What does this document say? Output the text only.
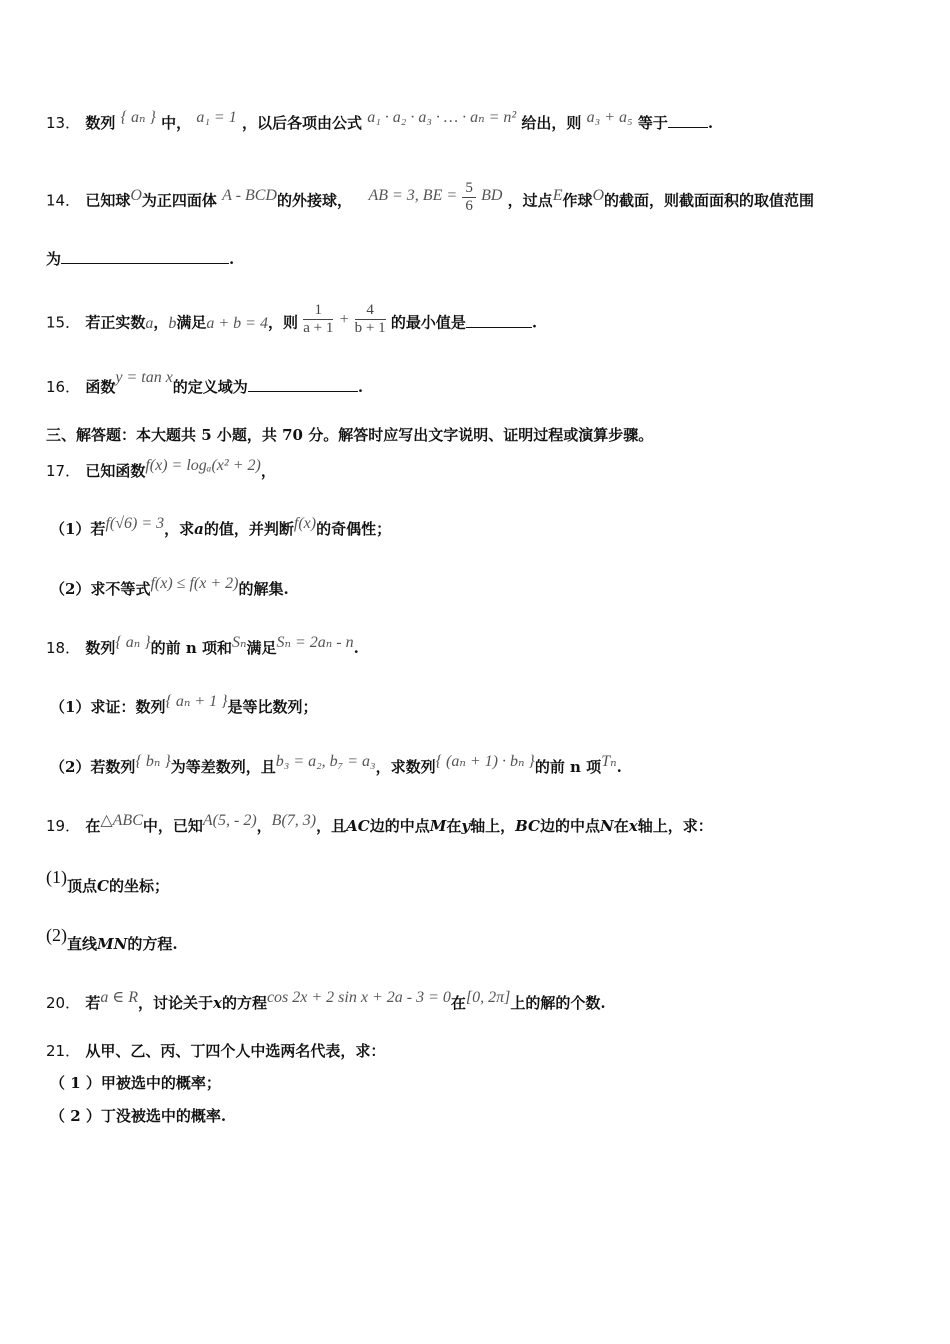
13． 数列 { aₙ } 中， a₁ = 1 ，以后各项由公式 a₁ · a₂ · a₃ · … · aₙ = n² 给出，则 a₃ + a₅ 等于	.
14． 已知球O为正四面体 A - BCD的外接球， AB = 3, BE = $\frac{5}{6}$ BD ，过点E作球O的截面，则截面面积的取值范围
为	.
15． 若正实数a，b满足a + b = 4，则 $\frac{1}{a + 1} + \frac{4}{b + 1}$ 的最小值是	.
16． 函数y = tan x的定义域为	.
三、解答题：本大题共 5 小题，共 70 分。解答时应写出文字说明、证明过程或演算步骤。
17． 已知函数f(x) = logₐ(x² + 2)，
（1）若f(√6) = 3，求a的值，并判断f(x)的奇偶性；
（2）求不等式f(x) ≤ f(x + 2)的解集.
18． 数列{ aₙ }的前 n 项和Sₙ满足Sₙ = 2aₙ - n.
（1）求证：数列{ aₙ + 1 }是等比数列；
（2）若数列{ bₙ }为等差数列，且b₃ = a₂, b₇ = a₃，求数列{ (aₙ + 1) · bₙ }的前 n 项Tₙ.
19． 在△ABC中，已知A(5, - 2)，B(7, 3)，且AC边的中点M在y轴上，BC边的中点N在x轴上，求：
(1)顶点C的坐标；
(2)直线MN的方程.
20． 若a ∈ R，讨论关于x的方程cos 2x + 2 sin x + 2a - 3 = 0在[0, 2π]上的解的个数.
21． 从甲、乙、丙、丁四个人中选两名代表，求：
（ 1 ）甲被选中的概率；
（ 2 ）丁没被选中的概率.
